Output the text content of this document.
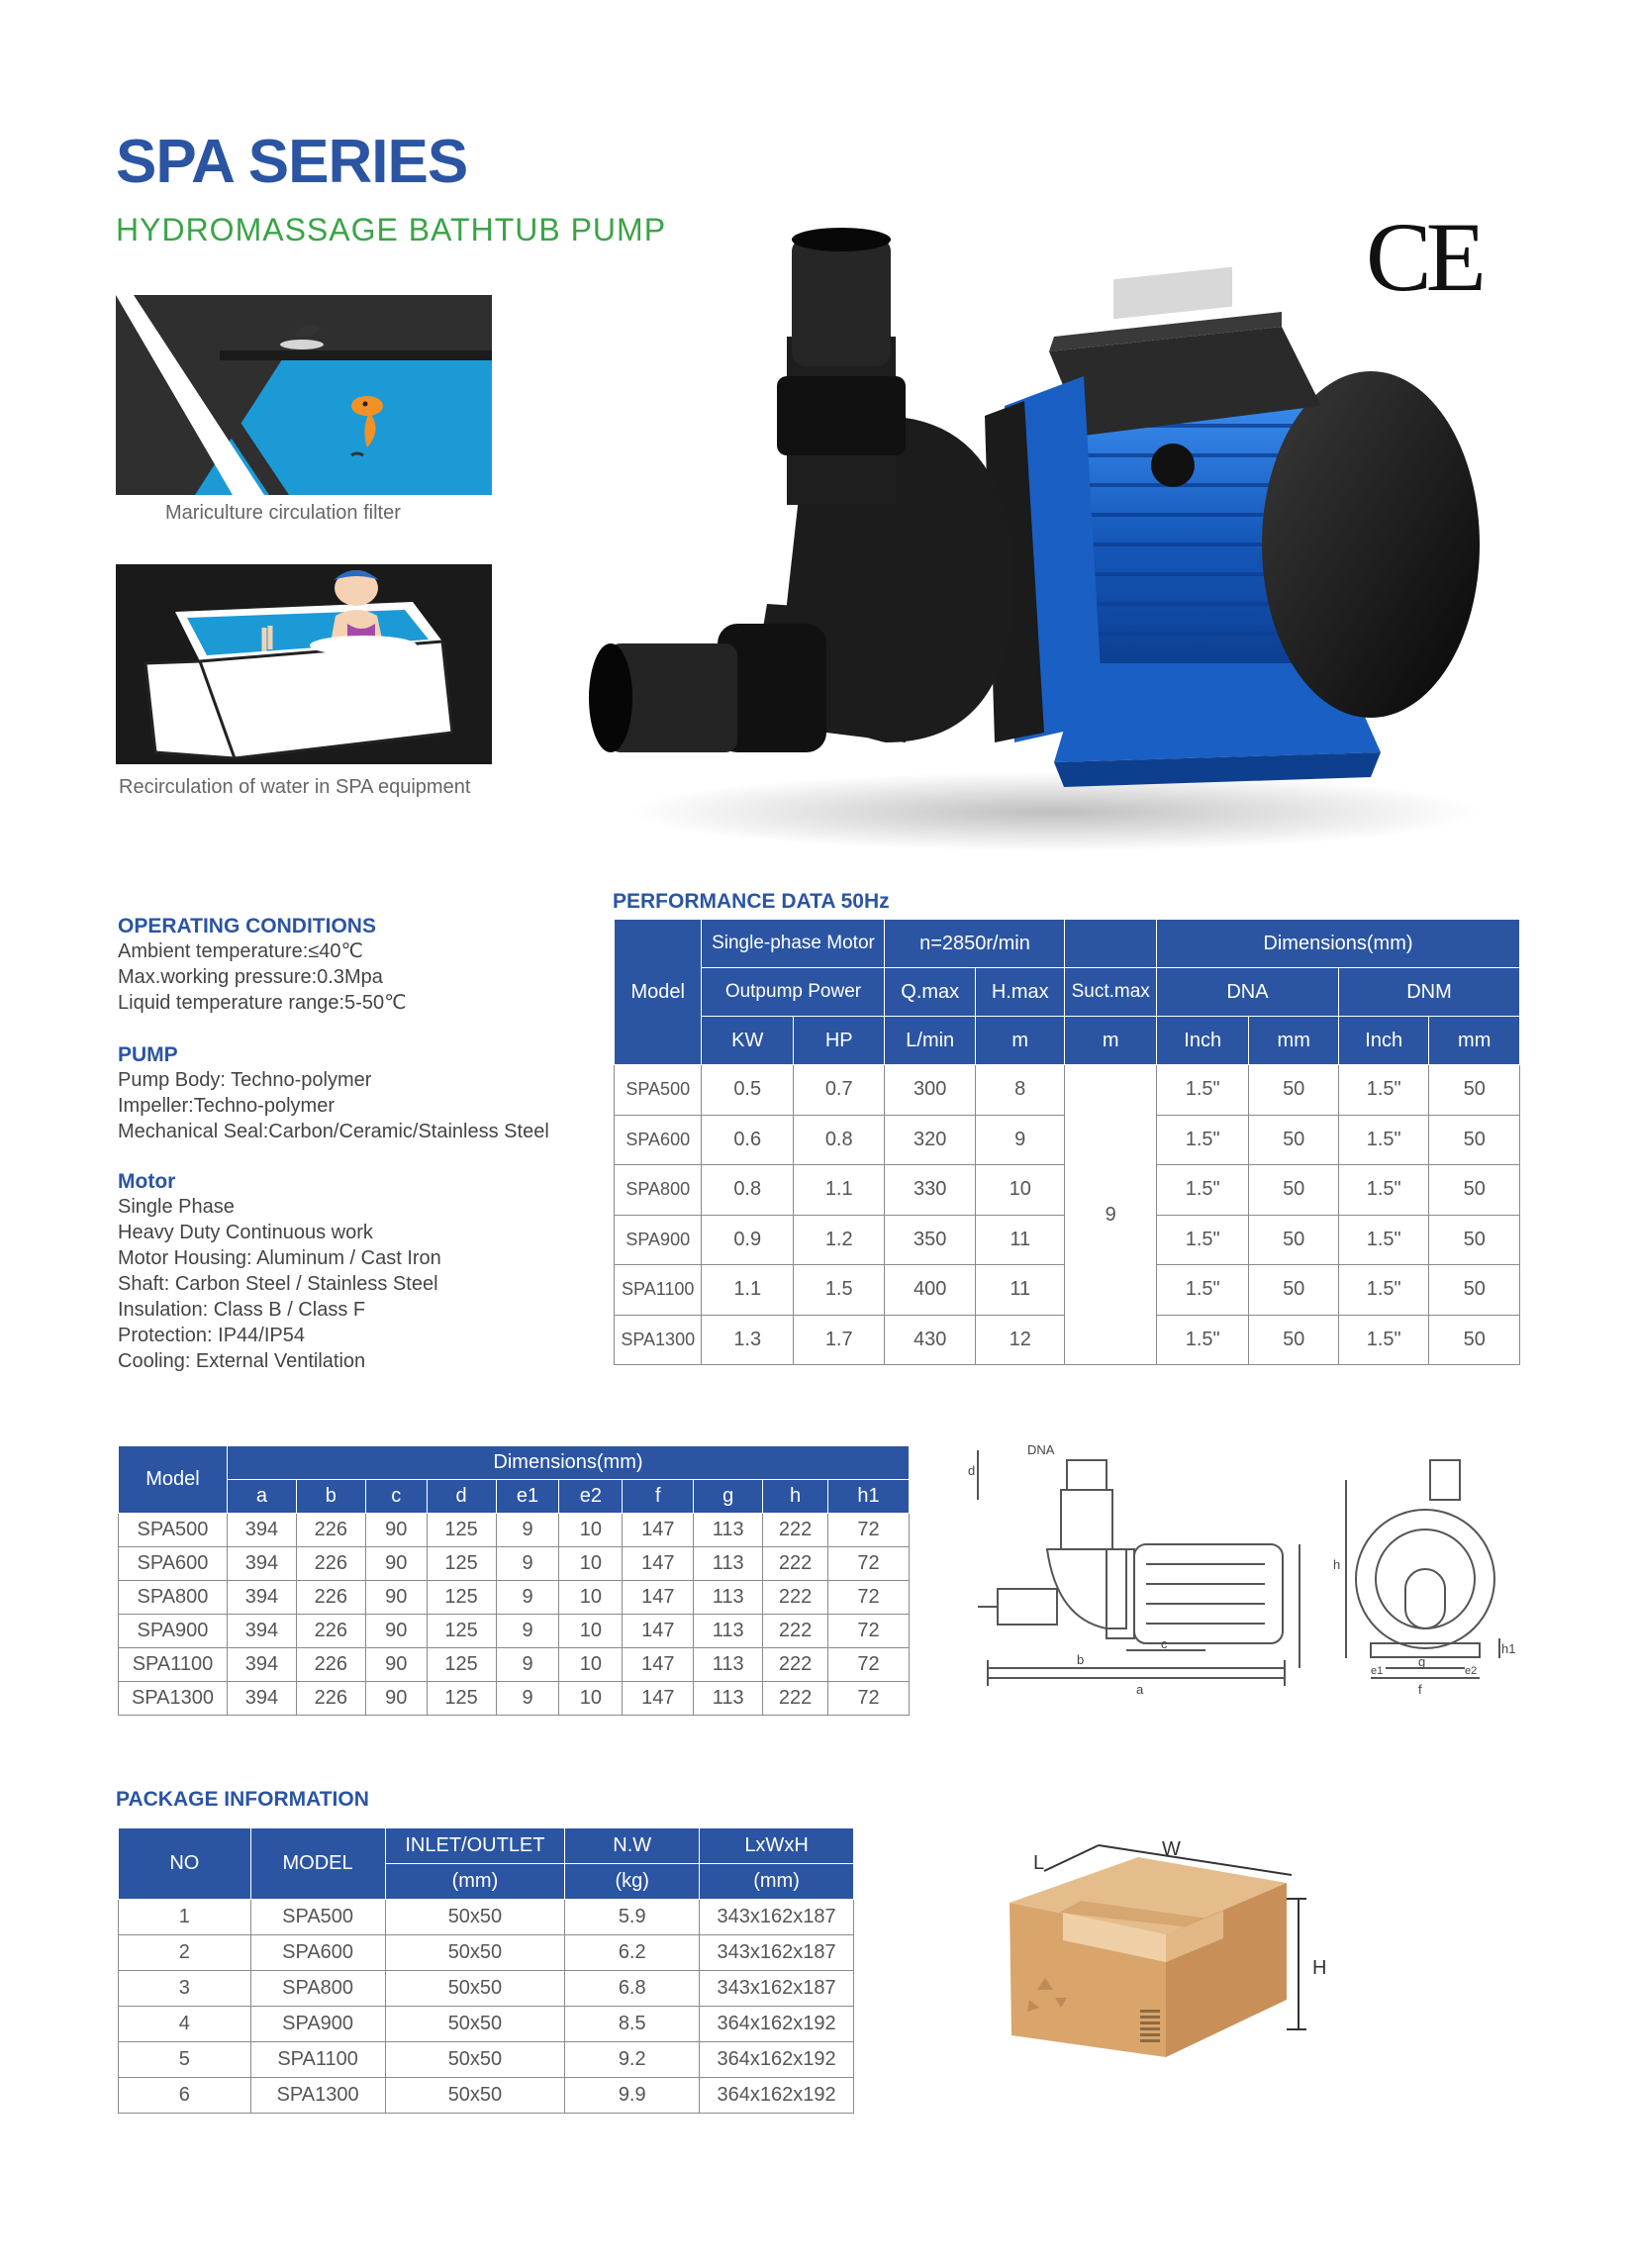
SPA SERIES
HYDROMASSAGE BATHTUB PUMP	CE
Mariculture circulation filter
Recirculation of water in SPA equipment
OPERATING CONDITIONS
Ambient temperature:≤40℃
Max.working pressure:0.3Mpa
Liquid temperature range:5-50℃
PUMP
Pump Body: Techno-polymer
Impeller:Techno-polymer
Mechanical Seal:Carbon/Ceramic/Stainless Steel
Motor
Single Phase
Heavy Duty Continuous work
Motor Housing: Aluminum / Cast Iron
Shaft: Carbon Steel / Stainless Steel
Insulation: Class B / Class F
Protection: IP44/IP54
Cooling: External Ventilation
PERFORMANCE DATA 50Hz
Model	Single-phase Motor		n=2850r/min			Dimensions(mm)			
	Outpump Power		Q.max	H.max	Suct.max	DNA		DNM	
	KW	HP	L/min	m	m	Inch	mm	Inch	mm
SPA500	0.5	0.7	300	8	9	1.5"	50	1.5"	50
SPA600	0.6	0.8	320	9		1.5"	50	1.5"	50
SPA800	0.8	1.1	330	10		1.5"	50	1.5"	50
SPA900	0.9	1.2	350	11		1.5"	50	1.5"	50
SPA1100	1.1	1.5	400	11		1.5"	50	1.5"	50
SPA1300	1.3	1.7	430	12		1.5"	50	1.5"	50
Model	Dimensions(mm)									
	a	b	c	d	e1	e2	f	g	h	h1
SPA500	394	226	90	125	9	10	147	113	222	72
SPA600	394	226	90	125	9	10	147	113	222	72
SPA800	394	226	90	125	9	10	147	113	222	72
SPA900	394	226	90	125	9	10	147	113	222	72
SPA1100	394	226	90	125	9	10	147	113	222	72
SPA1300	394	226	90	125	9	10	147	113	222	72
DNA
d
b
c
a
h
h1
f
g
e1	e2
PACKAGE INFORMATION
NO	MODEL	INLET/OUTLET	N.W	LxWxH
		(mm)	(kg)	(mm)
1	SPA500	50x50	5.9	343x162x187
2	SPA600	50x50	6.2	343x162x187
3	SPA800	50x50	6.8	343x162x187
4	SPA900	50x50	8.5	364x162x192
5	SPA1100	50x50	9.2	364x162x192
6	SPA1300	50x50	9.9	364x162x192
L
W
H
